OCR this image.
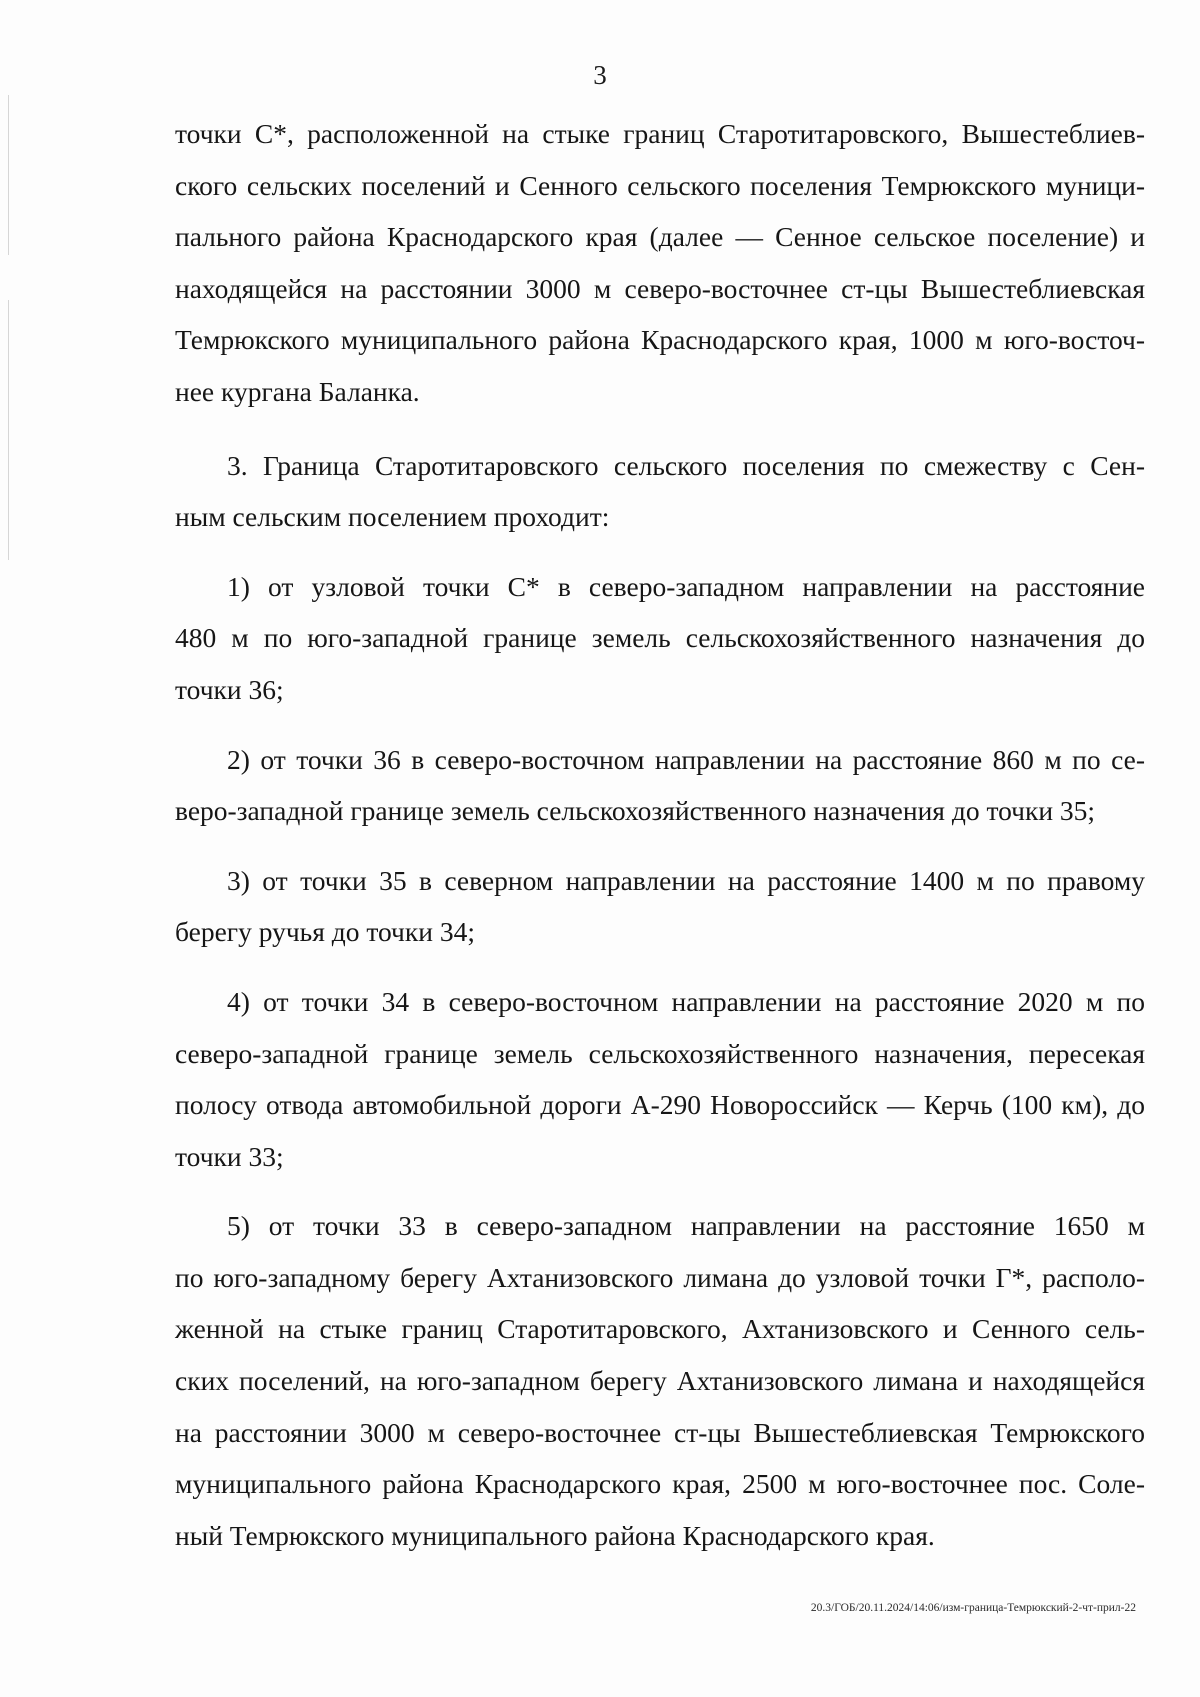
3
точки С*, расположенной на стыке границ Старотитаровского, Вышестеблиев-
ского сельских поселений и Сенного сельского поселения Темрюкского муници-
пального района Краснодарского края (далее — Сенное сельское поселение) и
находящейся на расстоянии 3000 м северо-восточнее ст-цы Вышестеблиевская
Темрюкского муниципального района Краснодарского края, 1000 м юго-восточ-
нее кургана Баланка.
3. Граница Старотитаровского сельского поселения по смежеству с Сен-
ным сельским поселением проходит:
1) от узловой точки С* в северо-западном направлении на расстояние
480 м по юго-западной границе земель сельскохозяйственного назначения до
точки 36;
2) от точки 36 в северо-восточном направлении на расстояние 860 м по се-
веро-западной границе земель сельскохозяйственного назначения до точки 35;
3) от точки 35 в северном направлении на расстояние 1400 м по правому
берегу ручья до точки 34;
4) от точки 34 в северо-восточном направлении на расстояние 2020 м по
северо-западной границе земель сельскохозяйственного назначения, пересекая
полосу отвода автомобильной дороги А-290 Новороссийск — Керчь (100 км), до
точки 33;
5) от точки 33 в северо-западном направлении на расстояние 1650 м
по юго-западному берегу Ахтанизовского лимана до узловой точки Г*, располо-
женной на стыке границ Старотитаровского, Ахтанизовского и Сенного сель-
ских поселений, на юго-западном берегу Ахтанизовского лимана и находящейся
на расстоянии 3000 м северо-восточнее ст-цы Вышестеблиевская Темрюкского
муниципального района Краснодарского края, 2500 м юго-восточнее пос. Соле-
ный Темрюкского муниципального района Краснодарского края.
20.3/ГОБ/20.11.2024/14:06/изм-граница-Темрюкский-2-чт-прил-22
